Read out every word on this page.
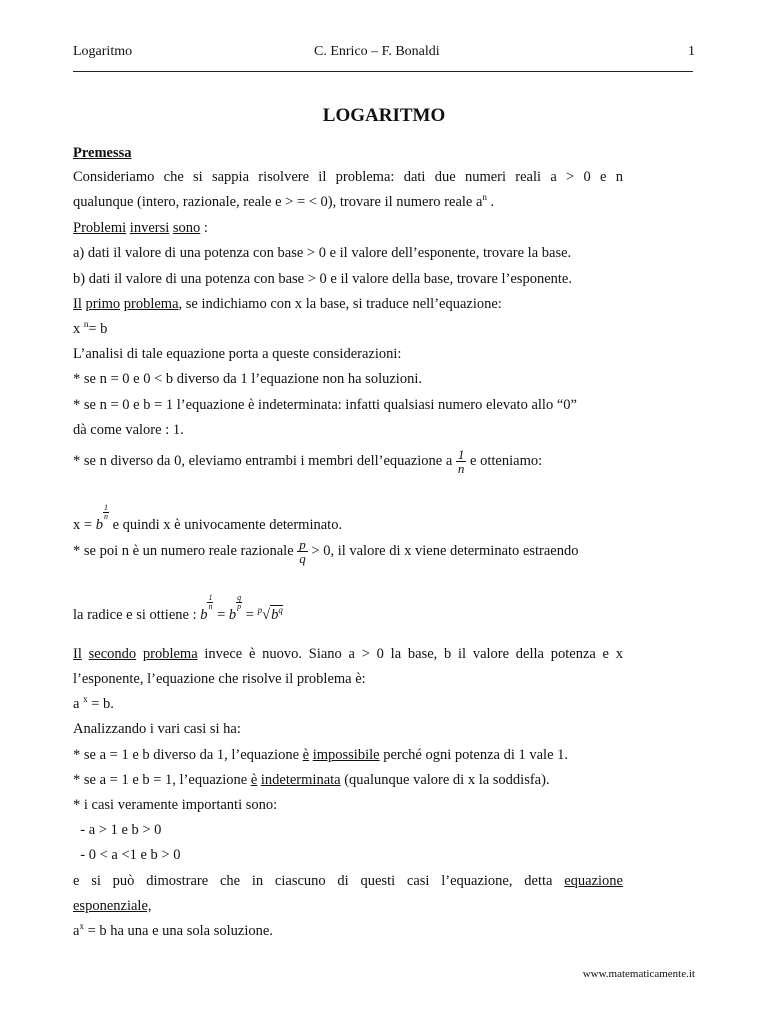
Logaritmo	C. Enrico – F. Bonaldi	1
LOGARITMO
Premessa
Consideriamo che si sappia risolvere il problema: dati due numeri reali a > 0 e n
qualunque (intero, razionale, reale e > = < 0), trovare il numero reale $a^n$ .
Problemi inversi sono :
a) dati il valore di una potenza con base > 0 e il valore dell’esponente, trovare la base.
b) dati il valore di una potenza con base > 0 e il valore della base, trovare l’esponente.
Il primo problema, se indichiamo con x la base, si traduce nell’equazione:
x $^n$= b
L’analisi di tale equazione porta a queste considerazioni:
* se n = 0 e 0 < b diverso da 1 l’equazione non ha soluzioni.
* se n = 0 e b = 1 l’equazione è indeterminata: infatti qualsiasi numero elevato allo “0”
dà come valore : 1.
* se n diverso da 0, eleviamo entrambi i membri dell’equazione a $\frac{1}{n}$ e otteniamo:
x = b
$\frac{1}{n}$
e quindi x è univocamente determinato.
* se poi n è un numero reale razionale $\frac{p}{q} > 0$, il valore di x viene determinato estraendo
la radice e si ottiene : b
$\frac{1}{n}$
= b
$\frac{q}{p}$
= $^p√b^q$
Il secondo problema invece è nuovo. Siano a > 0 la base, b il valore della potenza e x
l’esponente, l’equazione che risolve il problema è:
a $^x$ = b.
Analizzando i vari casi si ha:
* se a = 1 e b diverso da 1, l’equazione è impossibile perché ogni potenza di 1 vale 1.
* se a = 1 e b = 1, l’equazione è indeterminata (qualunque valore di x la soddisfa).
* i casi veramente importanti sono:
- a > 1 e b > 0
- 0 < a <1 e b > 0
e si può dimostrare che in ciascuno di questi casi l’equazione, detta equazione
esponenziale,
$a^x = b$ ha una e una sola soluzione.
www.matematicamente.it
